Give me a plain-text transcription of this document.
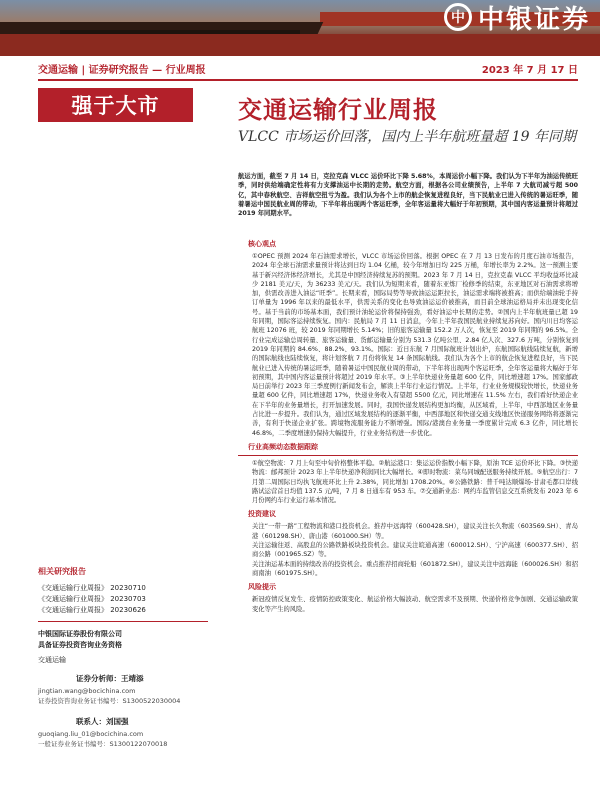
中 中银证券
交通运输 | 证券研究报告 — 行业周报	2023 年 7 月 17 日
强于大市	交通运输行业周报
VLCC 市场运价回落，国内上半年航班量超 19 年同期
航运方面，截至 7 月 14 日，克拉克森 VLCC 运价环比下降 5.68%，本周运价小幅下降。我们认为下半年为油运传统旺季，同时供给端确定性将有力支撑油运中长期的走势。航空方面，根据各公司业绩预告，上半年 7 大航司减亏超 500 亿，其中春秋航空、吉祥航空扭亏为盈。我们认为各个上市的航企恢复进程良好，当下民航业已进入传统的暑运旺季，随着暑运中国民航业周的带动，下半年将出现两个客运旺季，全年客运量将大幅好于年初预期，其中国内客运量预计将超过 2019 年同期水平。
核心观点
①OPEC 预测 2024 年石油需求增长，VLCC 市场运价回落。根据 OPEC 在 7 月 13 日发布的月度石油市场报告，2024 年全球石油需求量预计将达到日均 1.04 亿桶，较今年增加日均 225 万桶，年增长率为 2.2%。这一预测主要基于新兴经济体经济增长，尤其是中国经济持续复苏的预期。2023 年 7 月 14 日，克拉克森 VLCC 平均收益环比减少 2181 美元/天，为 36233 美元/天。我们认为短期来看，随着东亚炼厂检修季的结束，东亚地区对石油需求将增加，供需改善进入油运“旺季”。长期来看，国际局势等导致油运运距拉长，油运需求端将被推高；而供给端油轮手持订单量为 1996 年以来的最低水平，供需关系的变化也导致油运运价被推高，而目前全球油运格局并未出现变化信号。基于当前的市场基本面，我们预计油轮运价将保持强劲，看好油运中长期的走势。②国内上半年航班量已超 19 年同期，国际客运持续恢复。国内：民航局 7 月 11 日消息，今年上半年我国民航业持续复苏向好。国内川日均客运航班 12076 班，较 2019 年同期增长 5.14%；旧的旅客运输量 152.2 万人次，恢复至 2019 年同期的 96.5%。全行业完成运输总周转量、旅客运输量、货邮运输量分别为 531.3 亿吨公里、2.84 亿人次、327.6 万吨，分别恢复到 2019 年同期的 84.6%、88.2%、93.1%。国际：近日东航 7 月国际航班计划出炉，东航国际航线陆续复航，新增的国际航线也陆续恢复，将计划客航 7 月份将恢复 14 条国际航线。我们认为各个上市的航企恢复进程良好，当下民航业已进入传统的暑运旺季，随着暑运中国民航业周的带动，下半年将出现两个客运旺季，全年客运量将大幅好于年初预期，其中国内客运量预计将超过 2019 年水平。③上半年快递业务量超 600 亿件，同比增速超 17%。国家邮政局日前举行 2023 年三季度例行新闻发布会，解读上半年行业运行情况。上半年，行业业务规模较快增长，快递业务量超 600 亿件，同比增速超 17%，快递业务收入有望超 5500 亿元，同比增速在 11.5% 左右，我们看好快递企业在下半年的业务量增长，打开加速发展。同时，我国快递发展结构更加均衡，从区域看，上半年，中西部地区业务量占比进一步提升。我们认为，通过区域发展结构的逐渐平衡，中西部地区和快递交通支线地区快递服务网络将逐渐完善，有利于快递企业扩张。跨境物流服务能力不断增强。国际/港澳台业务量一季度累计完成 6.3 亿件，同比增长 46.8%，二季度增速仍保持大幅提升，行业业务结构进一步优化。
行业高频动态数据跟踪
①航空物流：7 月上旬至中旬价格整体平稳。②航运港口：集运运价指数小幅下降，原油 TCE 运价环比下降。③快递物流：邮邦预计 2023 年上半年快递净利润同比大幅增长。④即时物流：菜鸟同城配送服务持续开展。⑤航空出行：7 月第二周国际日均执飞航班环比上升 2.38%，同比增加 1708.20%。⑥公路铁路：普千吨达顺爆场-甘肃毛都口岸线路试运营首日均值 137.5 元/吨，7 月 8 日通车有 953 车。⑦交通新业态：网约车监管信息交互系统发布 2023 年 6 月份网约车行业运行基本情况。
投资建议
关注“一带一路”工程物流和港口投资机会。推荐中远海特（600428.SH），建议关注长久物流（603569.SH）、青岛港（601298.SH）、唐山港（601000.SH）等。
关注运输往返、高股息的公路铁路板块投资机会。建议关注皖通高速（600012.SH）、宁沪高速（600377.SH）、招商公路（001965.SZ）等。
关注油运基本面的持续改善的投资机会。重点推荐招商轮船（601872.SH），建议关注中远海能（600026.SH）和招商南油（601975.SH）。
风险提示
新冠疫情反复发生、疫情防控政策变化、航运价格大幅波动、航空需求不及预期、快递价格竞争加剧、交通运输政策变化等产生的风险。
相关研究报告
《交通运输行业周报》 20230710
《交通运输行业周报》 20230703
《交通运输行业周报》 20230626
中银国际证券股份有限公司
具备证券投资咨询业务资格
交通运输
证券分析师：王靖添
jingtian.wang@bocichina.com
证券投资咨询业务证书编号：S1300522030004
联系人：刘国强
guoqiang.liu_01@bocichina.com
一般证券业务证书编号：S1300122070018
